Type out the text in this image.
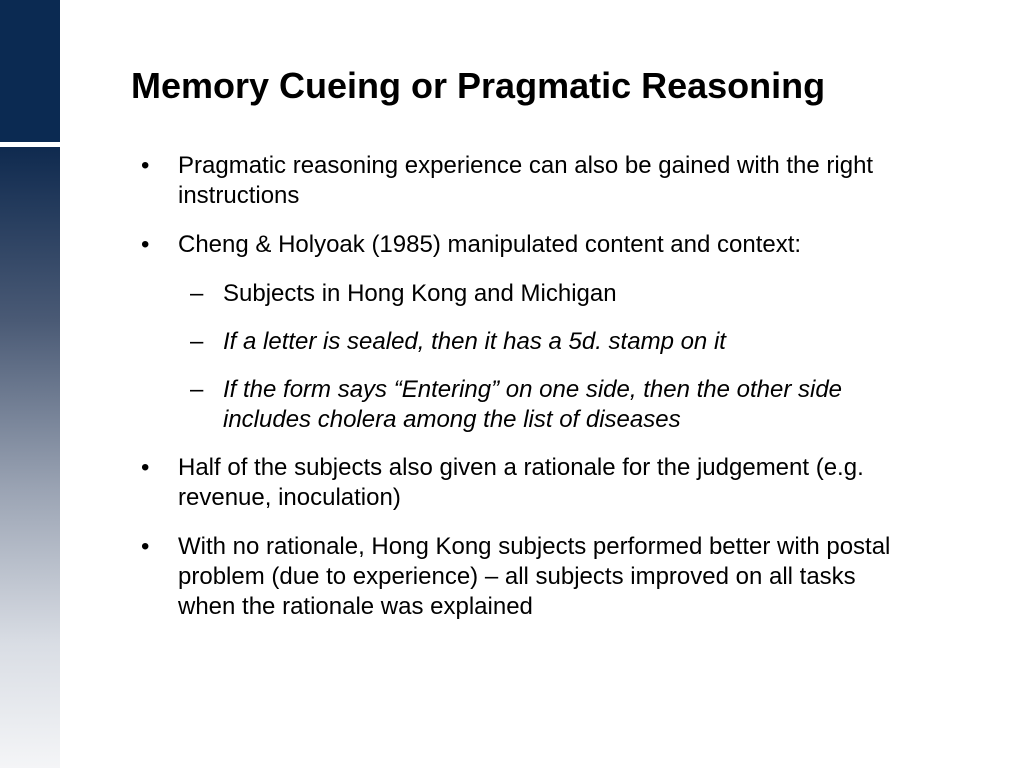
Memory Cueing or Pragmatic Reasoning
• Pragmatic reasoning experience can also be gained with the right instructions
• Cheng & Holyoak (1985) manipulated content and context:
– Subjects in Hong Kong and Michigan
– If a letter is sealed, then it has a 5d. stamp on it
– If the form says “Entering” on one side, then the other side includes cholera among the list of diseases
• Half of the subjects also given a rationale for the judgement (e.g. revenue, inoculation)
• With no rationale, Hong Kong subjects performed better with postal problem (due to experience) – all subjects improved on all tasks when the rationale was explained
